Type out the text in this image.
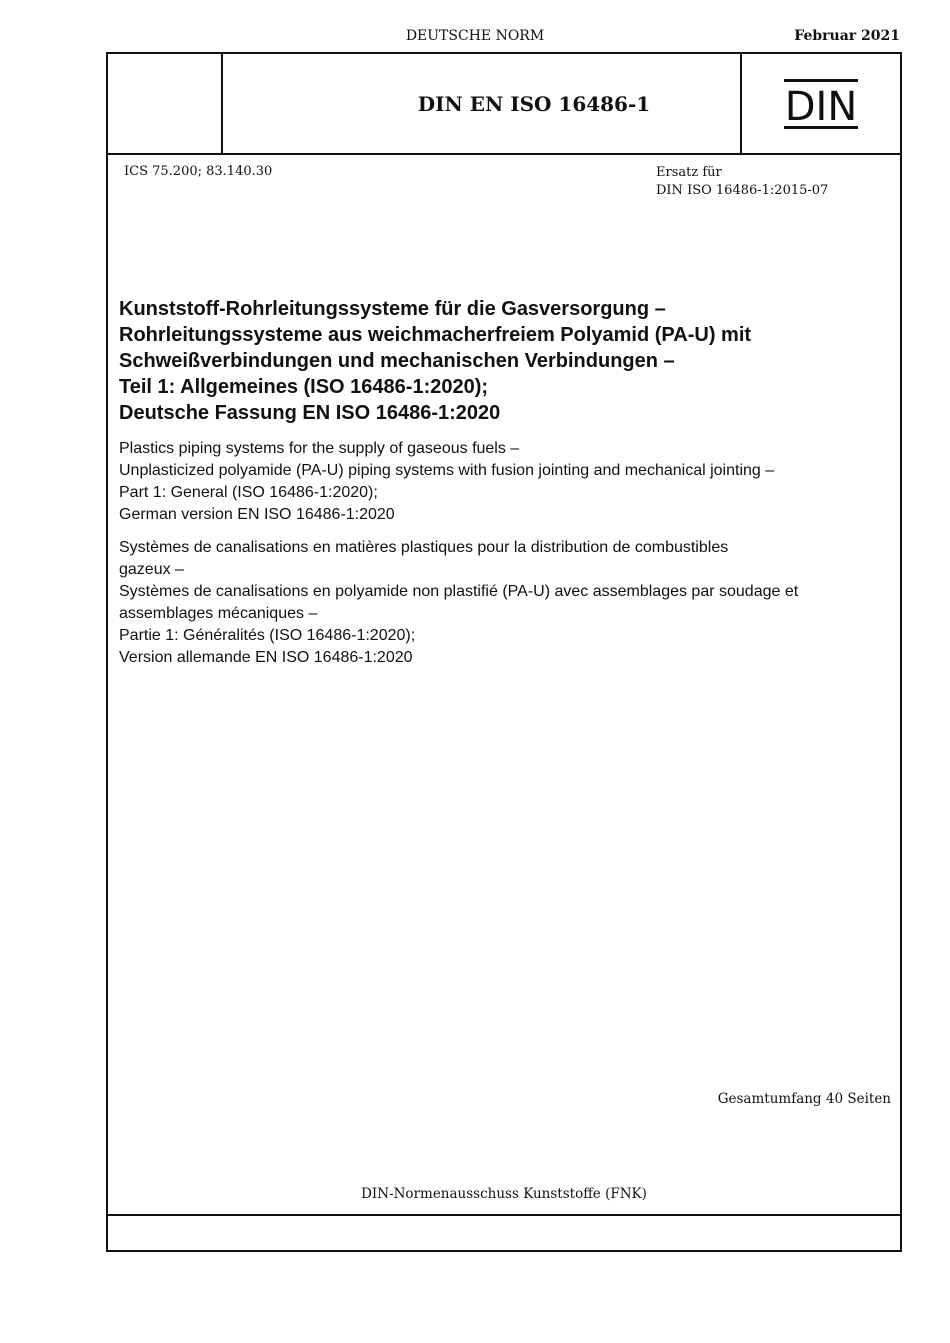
DEUTSCHE NORM	Februar 2021
DIN EN ISO 16486-1	DIN
ICS 75.200; 83.140.30	Ersatz für
DIN ISO 16486-1:2015-07
Kunststoff-Rohrleitungssysteme für die Gasversorgung –
Rohrleitungssysteme aus weichmacherfreiem Polyamid (PA-U) mit
Schweißverbindungen und mechanischen Verbindungen –
Teil 1: Allgemeines (ISO 16486-1:2020);
Deutsche Fassung EN ISO 16486-1:2020
Plastics piping systems for the supply of gaseous fuels –
Unplasticized polyamide (PA-U) piping systems with fusion jointing and mechanical jointing –
Part 1: General (ISO 16486-1:2020);
German version EN ISO 16486-1:2020
Systèmes de canalisations en matières plastiques pour la distribution de combustibles
gazeux –
Systèmes de canalisations en polyamide non plastifié (PA-U) avec assemblages par soudage et
assemblages mécaniques –
Partie 1: Généralités (ISO 16486-1:2020);
Version allemande EN ISO 16486-1:2020
Gesamtumfang 40 Seiten
DIN-Normenausschuss Kunststoffe (FNK)
